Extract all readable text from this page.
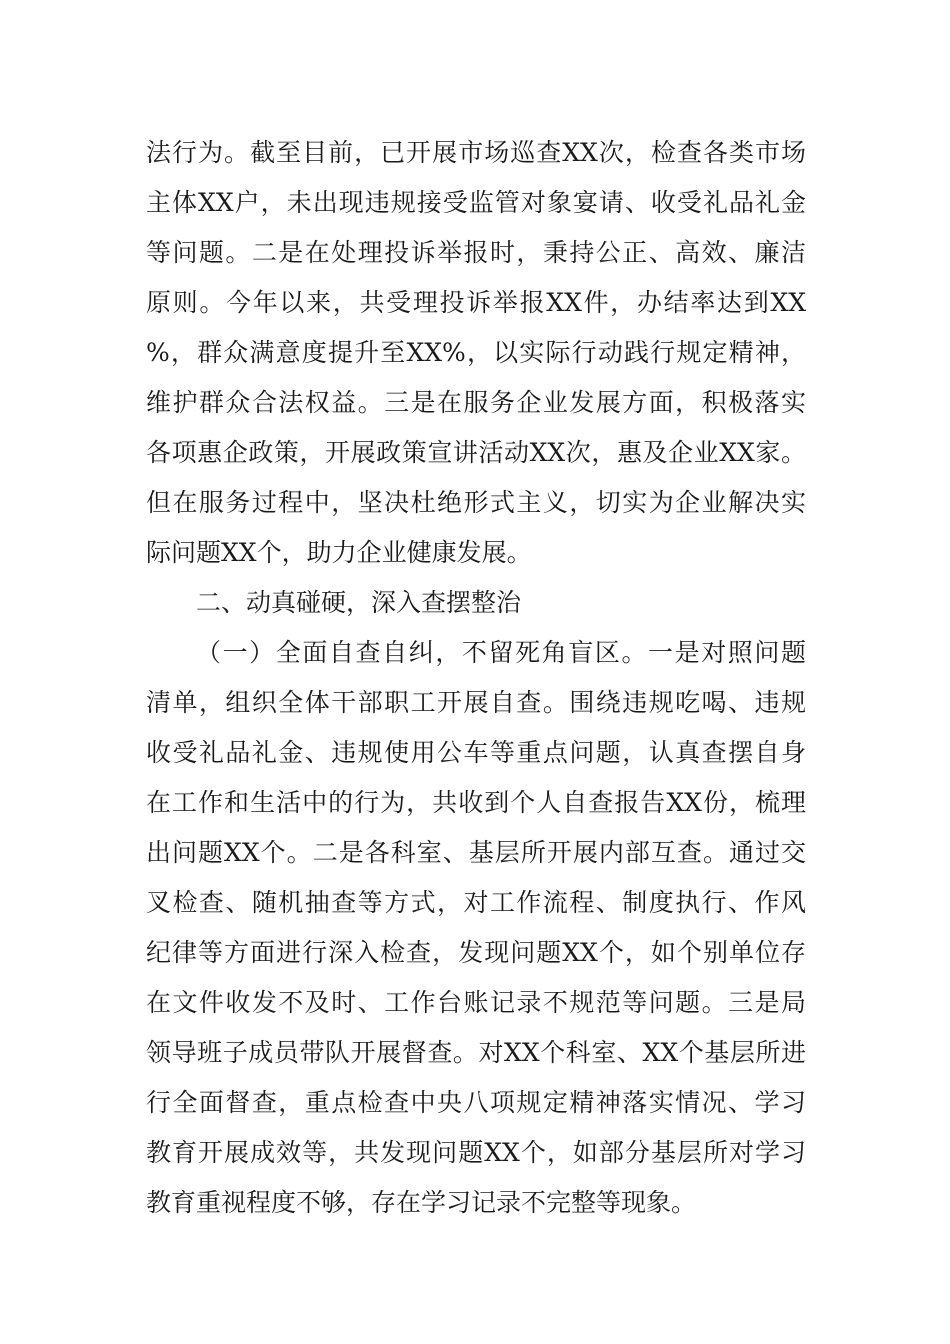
法行为。截至目前，已开展市场巡查XX次，检查各类市场
主体XX户，未出现违规接受监管对象宴请、收受礼品礼金
等问题。二是在处理投诉举报时，秉持公正、高效、廉洁
原则。今年以来，共受理投诉举报XX件，办结率达到XX
%，群众满意度提升至XX%，以实际行动践行规定精神，
维护群众合法权益。三是在服务企业发展方面，积极落实
各项惠企政策，开展政策宣讲活动XX次，惠及企业XX家。
但在服务过程中，坚决杜绝形式主义，切实为企业解决实
际问题XX个，助力企业健康发展。
二、动真碰硬，深入查摆整治
（一）全面自查自纠，不留死角盲区。一是对照问题
清单，组织全体干部职工开展自查。围绕违规吃喝、违规
收受礼品礼金、违规使用公车等重点问题，认真查摆自身
在工作和生活中的行为，共收到个人自查报告XX份，梳理
出问题XX个。二是各科室、基层所开展内部互查。通过交
叉检查、随机抽查等方式，对工作流程、制度执行、作风
纪律等方面进行深入检查，发现问题XX个，如个别单位存
在文件收发不及时、工作台账记录不规范等问题。三是局
领导班子成员带队开展督查。对XX个科室、XX个基层所进
行全面督查，重点检查中央八项规定精神落实情况、学习
教育开展成效等，共发现问题XX个，如部分基层所对学习
教育重视程度不够，存在学习记录不完整等现象。
